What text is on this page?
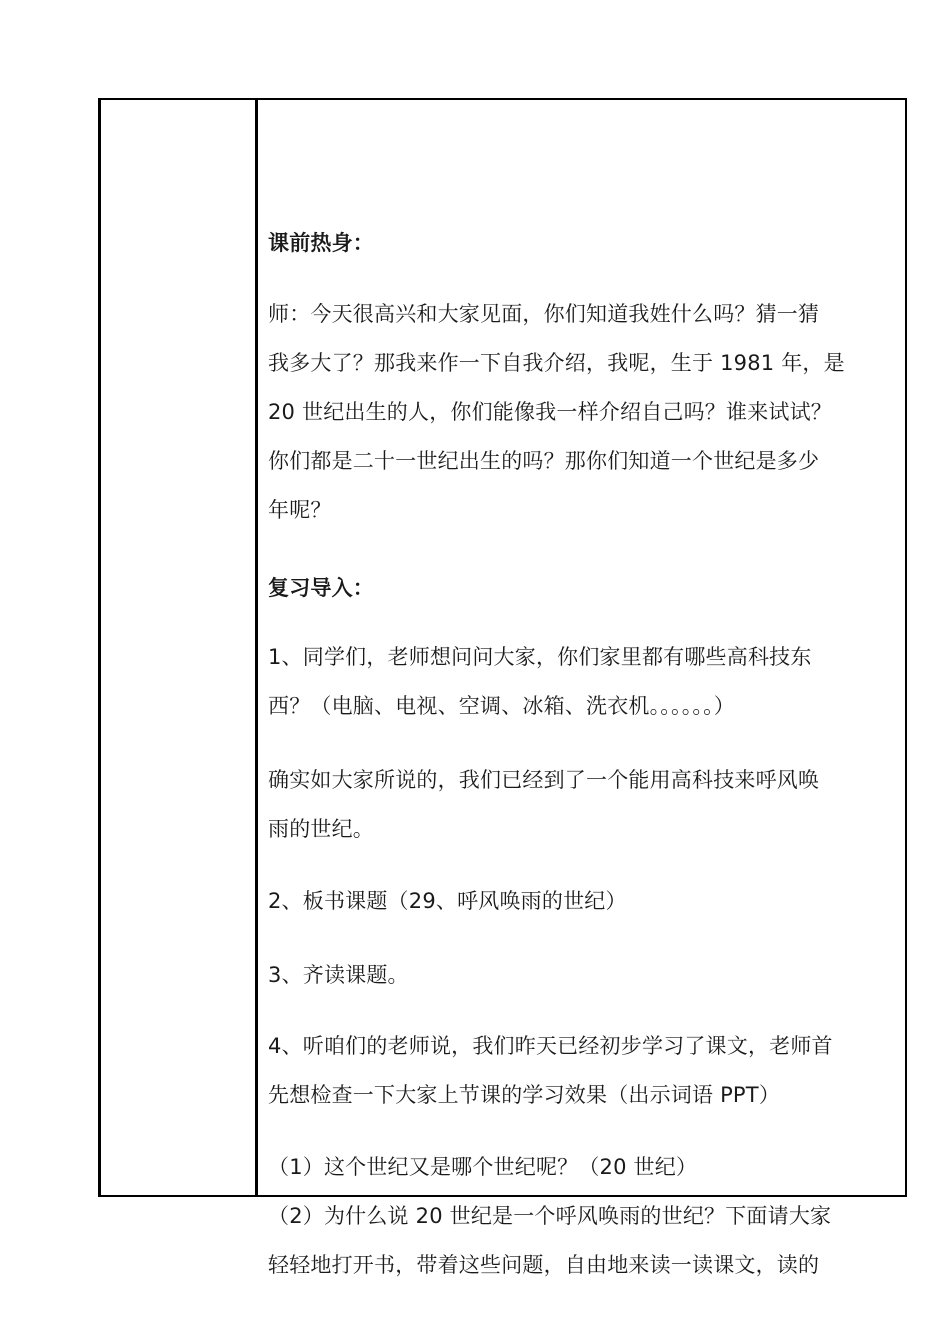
课前热身：

师：今天很高兴和大家见面，你们知道我姓什么吗？猜一猜
我多大了？那我来作一下自我介绍，我呢，生于 1981 年，是
20 世纪出生的人，你们能像我一样介绍自己吗？谁来试试？
你们都是二十一世纪出生的吗？那你们知道一个世纪是多少
年呢？

复习导入：

1、同学们，老师想问问大家，你们家里都有哪些高科技东
西？（电脑、电视、空调、冰箱、洗衣机。。。。。。）

确实如大家所说的，我们已经到了一个能用高科技来呼风唤
雨的世纪。

2、板书课题（29、呼风唤雨的世纪）

3、齐读课题。

4、听咱们的老师说，我们昨天已经初步学习了课文，老师首
先想检查一下大家上节课的学习效果（出示词语 PPT）

（1）这个世纪又是哪个世纪呢？（20 世纪）

（2）为什么说 20 世纪是一个呼风唤雨的世纪？下面请大家
轻轻地打开书，带着这些问题，自由地来读一读课文，读的
